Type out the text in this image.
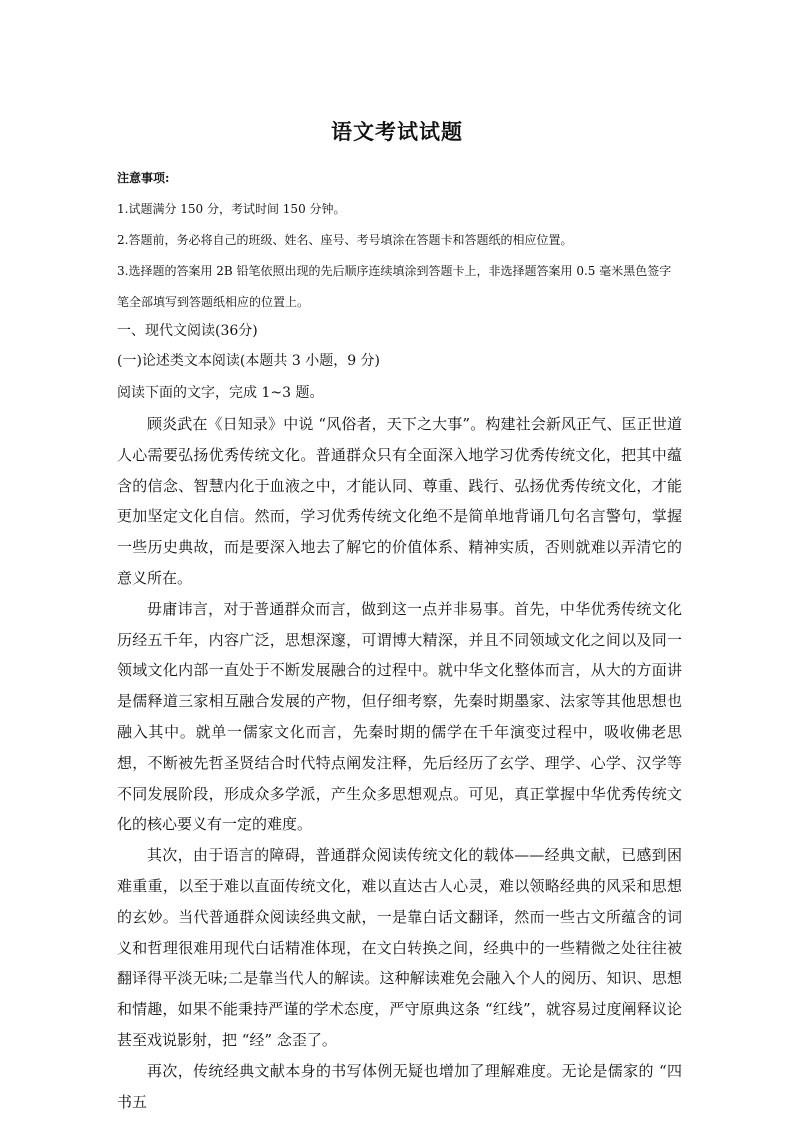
语文考试试题
注意事项:
1.试题满分 150 分，考试时间 150 分钟。
2.答题前，务必将自己的班级、姓名、座号、考号填涂在答题卡和答题纸的相应位置。
3.选择题的答案用 2B 铅笔依照出现的先后顺序连续填涂到答题卡上，非选择题答案用 0.5 毫米黑色签字笔全部填写到答题纸相应的位置上。
一、现代文阅读(36分)
(一)论述类文本阅读(本题共 3 小题，9 分)
阅读下面的文字，完成 1~3 题。

顾炎武在《日知录》中说 “风俗者，天下之大事”。构建社会新风正气、匡正世道人心需要弘扬优秀传统文化。普通群众只有全面深入地学习优秀传统文化，把其中蕴含的信念、智慧内化于血液之中，才能认同、尊重、践行、弘扬优秀传统文化，才能更加坚定文化自信。然而，学习优秀传统文化绝不是简单地背诵几句名言警句，掌握一些历史典故，而是要深入地去了解它的价值体系、精神实质，否则就难以弄清它的意义所在。

毋庸讳言，对于普通群众而言，做到这一点并非易事。首先，中华优秀传统文化历经五千年，内容广泛，思想深邃，可谓博大精深，并且不同领域文化之间以及同一领域文化内部一直处于不断发展融合的过程中。就中华文化整体而言，从大的方面讲是儒释道三家相互融合发展的产物，但仔细考察，先秦时期墨家、法家等其他思想也融入其中。就单一儒家文化而言，先秦时期的儒学在千年演变过程中，吸收佛老思想，不断被先哲圣贤结合时代特点阐发注释，先后经历了玄学、理学、心学、汉学等不同发展阶段，形成众多学派，产生众多思想观点。可见，真正掌握中华优秀传统文化的核心要义有一定的难度。

其次，由于语言的障碍，普通群众阅读传统文化的载体——经典文献，已感到困难重重，以至于难以直面传统文化，难以直达古人心灵，难以领略经典的风采和思想的玄妙。当代普通群众阅读经典文献，一是靠白话文翻译，然而一些古文所蕴含的词义和哲理很难用现代白话精准体现，在文白转换之间，经典中的一些精微之处往往被翻译得平淡无味;二是靠当代人的解读。这种解读难免会融入个人的阅历、知识、思想和情趣，如果不能秉持严谨的学术态度，严守原典这条 “红线”，就容易过度阐释议论甚至戏说影射，把 “经” 念歪了。

再次，传统经典文献本身的书写体例无疑也增加了理解难度。无论是儒家的 “四书五
